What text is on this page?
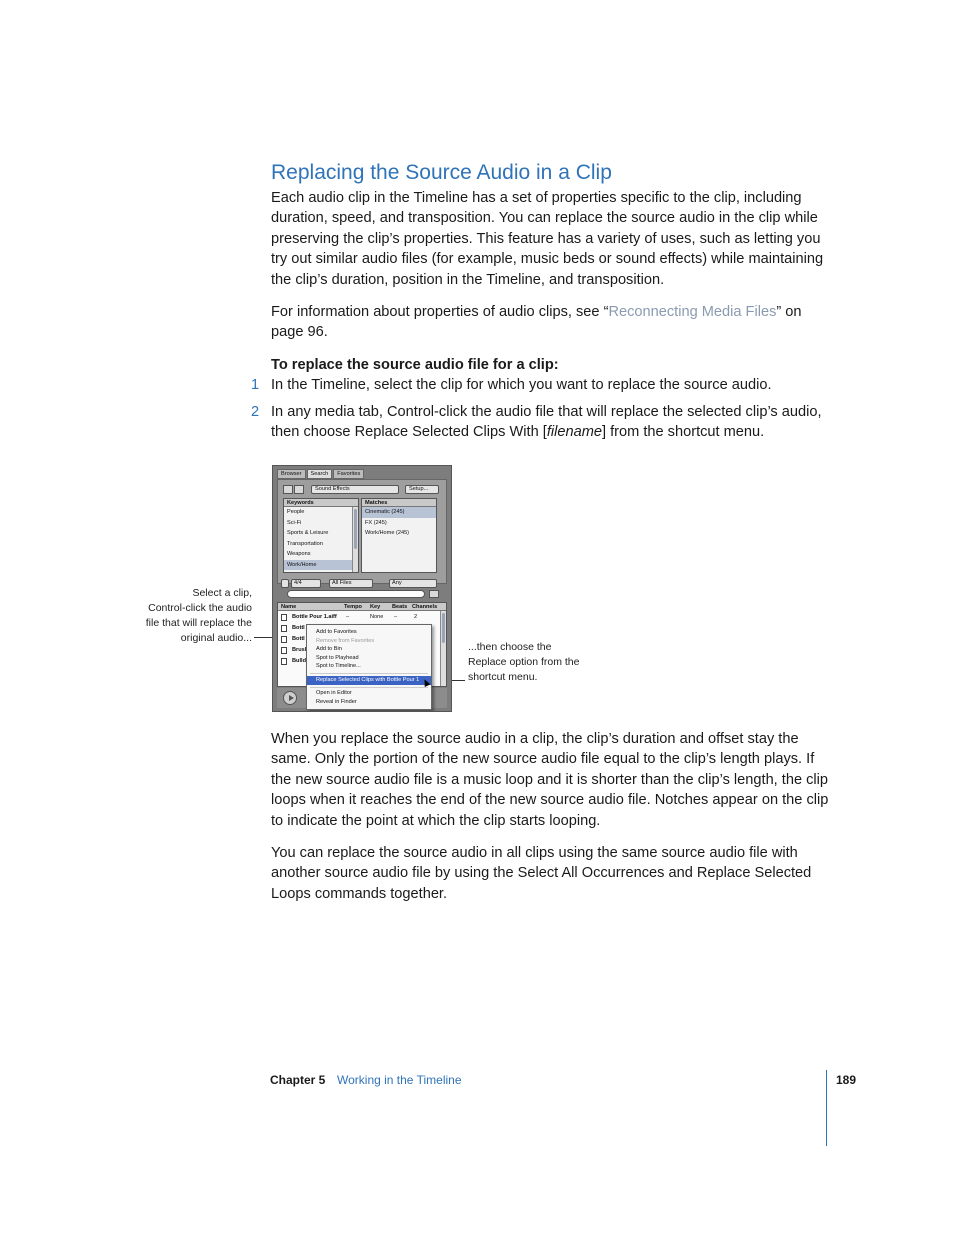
Replacing the Source Audio in a Clip

Each audio clip in the Timeline has a set of properties specific to the clip, including duration, speed, and transposition. You can replace the source audio in the clip while preserving the clip’s properties. This feature has a variety of uses, such as letting you try out similar audio files (for example, music beds or sound effects) while maintaining the clip’s duration, position in the Timeline, and transposition.

For information about properties of audio clips, see “Reconnecting Media Files” on page 96.

To replace the source audio file for a clip:
1 In the Timeline, select the clip for which you want to replace the source audio.
2 In any media tab, Control-click the audio file that will replace the selected clip’s audio, then choose Replace Selected Clips With [filename] from the shortcut menu.
Select a clip,
Control-click the audio
file that will replace the
original audio...
...then choose the
Replace option from the
shortcut menu.
Browser	Search	Favorites
Sound Effects	Setup...
Keywords
People
Sci-Fi
Sports & Leisure
Transportation
Weapons
Work/Home
Matches
Cinematic (245)
FX (245)
Work/Home (245)
4/4	All Files	Any
Name	Tempo Key Beats Channels
Bottle Pour 1.aiff –	None –	2
Bottl
Bottl
Brusl
Bulld
Add to Favorites
Remove from Favorites
Add to Bin
Spot to Playhead
Spot to Timeline...
Replace Selected Clips with Bottle Pour 1
Open in Editor
Reveal in Finder

When you replace the source audio in a clip, the clip’s duration and offset stay the same. Only the portion of the new source audio file equal to the clip’s length plays. If the new source audio file is a music loop and it is shorter than the clip’s length, the clip loops when it reaches the end of the new source audio file. Notches appear on the clip to indicate the point at which the clip starts looping.

You can replace the source audio in all clips using the same source audio file with another source audio file by using the Select All Occurrences and Replace Selected Loops commands together.

Chapter 5 Working in the Timeline	189
